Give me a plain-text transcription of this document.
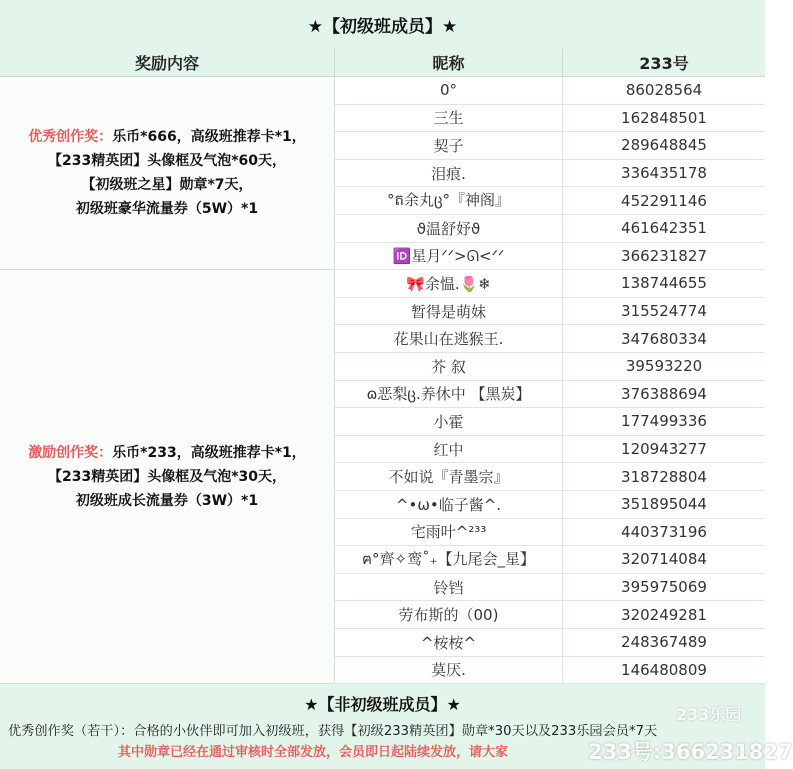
★【初级班成员】★
奖励内容	昵称	233号
优秀创作奖：乐币*666，高级班推荐卡*1，
【233精英团】头像框及气泡*60天，
【初级班之星】勋章*7天，
初级班豪华流量券（5W）*1
激励创作奖：乐币*233，高级班推荐卡*1，
【233精英团】头像框及气泡*30天，
初级班成长流量券（3W）*1
0°	86028564
三生	162848501
契子	289648845
泪痕.	336435178
°ត余丸ც°『神阁』	452291146
ϑ温舒妤ϑ	461642351
🆔星月ᐟᐟ>ᘏ<ᐟᐟ	366231827
🎀余愠.🌷❄	138744655
暂得是萌妹	315524774
花果山在逃猴王.	347680334
芥 叙	39593220
ɷ恶梨ც.养休中 【黑炭】	376388694
小霍	177499336
红中	120943277
不如说『青墨宗』	318728804
^•ω•临子酱^.	351895044
宅雨叶^²³³	440373196
ฅ°齊✧鸾˚₊【九尾会_星】	320714084
铃铛	395975069
劳布斯的（00)	320249281
^桉桉^	248367489
莫厌.	146480809
★【非初级班成员】★
优秀创作奖（若干）：合格的小伙伴即可加入初级班，获得【初级233精英团】勋章*30天以及233乐园会员*7天
其中勋章已经在通过审核时全部发放，会员即日起陆续发放，请大家
233乐园
233号:366231827
